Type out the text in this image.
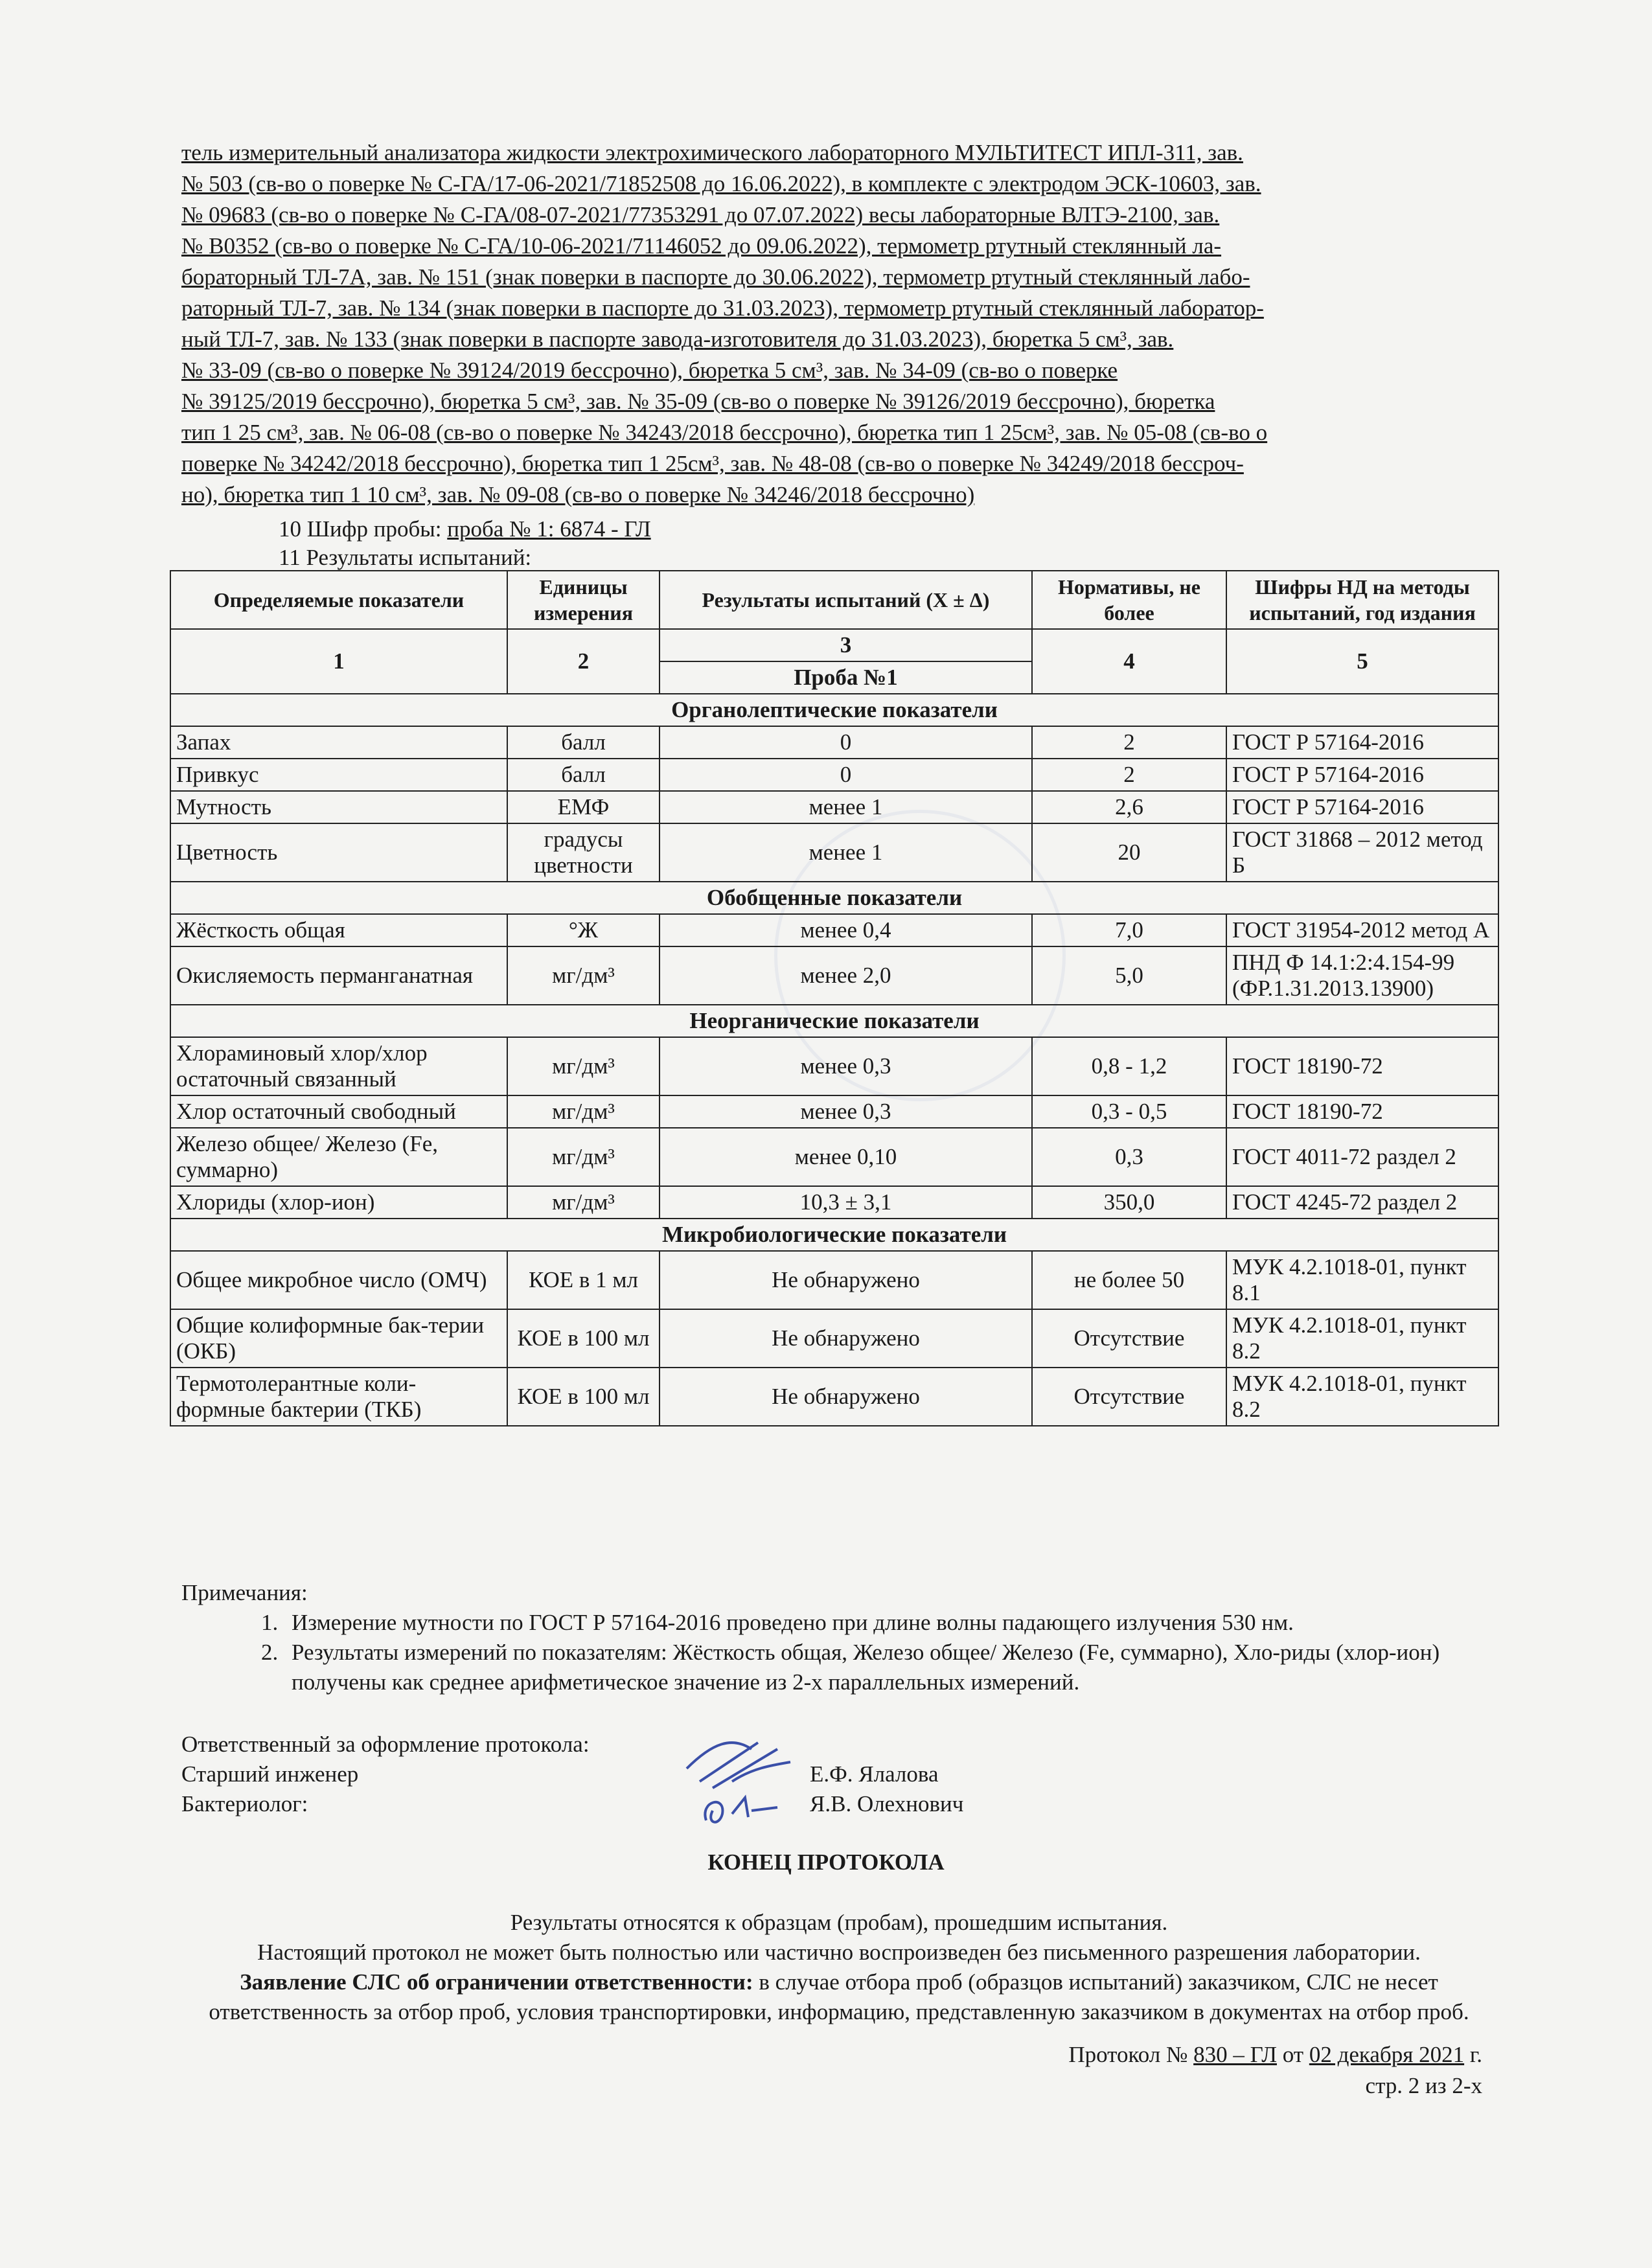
тель измерительный анализатора жидкости электрохимического лабораторного МУЛЬТИТЕСТ ИПЛ-311, зав.
№ 503 (св-во о поверке № С-ГА/17-06-2021/71852508 до 16.06.2022), в комплекте с электродом ЭСК-10603, зав.
№ 09683 (св-во о поверке № С-ГА/08-07-2021/77353291 до 07.07.2022) весы лабораторные ВЛТЭ-2100, зав.
№ В0352 (св-во о поверке № С-ГА/10-06-2021/71146052 до 09.06.2022), термометр ртутный стеклянный ла-
бораторный ТЛ-7А, зав. № 151 (знак поверки в паспорте до 30.06.2022), термометр ртутный стеклянный лабо-
раторный ТЛ-7, зав. № 134 (знак поверки в паспорте до 31.03.2023), термометр ртутный стеклянный лаборатор-
ный ТЛ-7, зав. № 133 (знак поверки в паспорте завода-изготовителя до 31.03.2023), бюретка 5 см³, зав.
№ 33-09 (св-во о поверке № 39124/2019 бессрочно), бюретка 5 см³, зав. № 34-09 (св-во о поверке
№ 39125/2019 бессрочно), бюретка 5 см³, зав. № 35-09 (св-во о поверке № 39126/2019 бессрочно), бюретка
тип 1 25 см³, зав. № 06-08 (св-во о поверке № 34243/2018 бессрочно), бюретка тип 1 25см³, зав. № 05-08 (св-во о
поверке № 34242/2018 бессрочно), бюретка тип 1 25см³, зав. № 48-08 (св-во о поверке № 34249/2018 бессроч-
но), бюретка тип 1 10 см³, зав. № 09-08 (св-во о поверке № 34246/2018 бессрочно)
10 Шифр пробы: проба № 1: 6874 - ГЛ
11 Результаты испытаний:
Определяемые показатели	Единицы измерения	Результаты испытаний (X ± Δ)	Нормативы, не более	Шифры НД на методы испытаний, год издания
1	2	3	4	5
		Проба №1		
Органолептические показатели				
Запах	балл	0	2	ГОСТ Р 57164-2016
Привкус	балл	0	2	ГОСТ Р 57164-2016
Мутность	ЕМФ	менее 1	2,6	ГОСТ Р 57164-2016
Цветность	градусы цветности	менее 1	20	ГОСТ 31868 – 2012 метод Б
Обобщенные показатели				
Жёсткость общая	°Ж	менее 0,4	7,0	ГОСТ 31954-2012 метод А
Окисляемость перманганатная	мг/дм³	менее 2,0	5,0	ПНД Ф 14.1:2:4.154-99 (ФР.1.31.2013.13900)
Неорганические показатели				
Хлораминовый хлор/хлор остаточный связанный	мг/дм³	менее 0,3	0,8 - 1,2	ГОСТ 18190-72
Хлор остаточный свободный	мг/дм³	менее 0,3	0,3 - 0,5	ГОСТ 18190-72
Железо общее/ Железо (Fe, суммарно)	мг/дм³	менее 0,10	0,3	ГОСТ 4011-72 раздел 2
Хлориды (хлор-ион)	мг/дм³	10,3 ± 3,1	350,0	ГОСТ 4245-72 раздел 2
Микробиологические показатели				
Общее микробное число (ОМЧ)	КОЕ в 1 мл	Не обнаружено	не более 50	МУК 4.2.1018-01, пункт 8.1
Общие колиформные бак-терии (ОКБ)	КОЕ в 100 мл	Не обнаружено	Отсутствие	МУК 4.2.1018-01, пункт 8.2
Термотолерантные коли-формные бактерии (ТКБ)	КОЕ в 100 мл	Не обнаружено	Отсутствие	МУК 4.2.1018-01, пункт 8.2
Примечания:
1. Измерение мутности по ГОСТ Р 57164-2016 проведено при длине волны падающего излучения 530 нм.
2. Результаты измерений по показателям: Жёсткость общая, Железо общее/ Железо (Fe, суммарно), Хло-риды (хлор-ион) получены как среднее арифметическое значение из 2-х параллельных измерений.
Ответственный за оформление протокола:
Старший инженер	Е.Ф. Ялалова
Бактериолог:	Я.В. Олехнович
КОНЕЦ ПРОТОКОЛА
Результаты относятся к образцам (пробам), прошедшим испытания.
Настоящий протокол не может быть полностью или частично воспроизведен без письменного разрешения лаборатории.
Заявление СЛС об ограничении ответственности: в случае отбора проб (образцов испытаний) заказчиком, СЛС не несет ответственность за отбор проб, условия транспортировки, информацию, представленную заказчиком в документах на отбор проб.
Протокол № 830 – ГЛ от 02 декабря 2021 г.
стр. 2 из 2-х
